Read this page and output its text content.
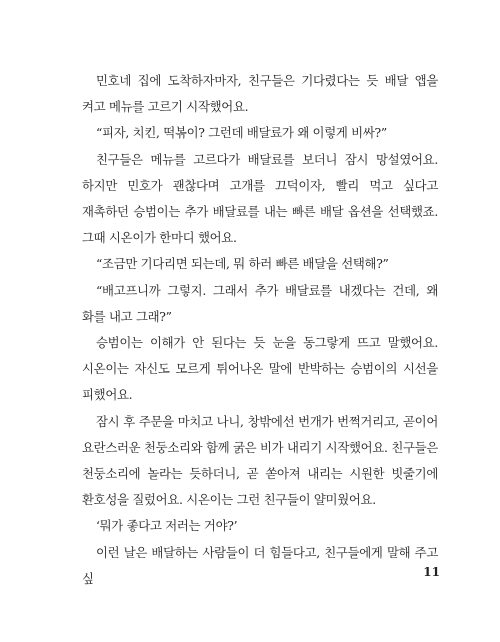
민호네 집에 도착하자마자, 친구들은 기다렸다는 듯 배달 앱을 켜고 메뉴를 고르기 시작했어요.

“피자, 치킨, 떡볶이? 그런데 배달료가 왜 이렇게 비싸?”

친구들은 메뉴를 고르다가 배달료를 보더니 잠시 망설였어요. 하지만 민호가 괜찮다며 고개를 끄덕이자, 빨리 먹고 싶다고 재촉하던 승범이는 추가 배달료를 내는 빠른 배달 옵션을 선택했죠. 그때 시온이가 한마디 했어요.

“조금만 기다리면 되는데, 뭐 하러 빠른 배달을 선택해?”

“배고프니까 그렇지. 그래서 추가 배달료를 내겠다는 건데, 왜 화를 내고 그래?”

승범이는 이해가 안 된다는 듯 눈을 동그랗게 뜨고 말했어요. 시온이는 자신도 모르게 튀어나온 말에 반박하는 승범이의 시선을 피했어요.

잠시 후 주문을 마치고 나니, 창밖에선 번개가 번쩍거리고, 곧이어 요란스러운 천둥소리와 함께 굵은 비가 내리기 시작했어요. 친구들은 천둥소리에 놀라는 듯하더니, 곧 쏟아져 내리는 시원한 빗줄기에 환호성을 질렀어요. 시온이는 그런 친구들이 얄미웠어요.

‘뭐가 좋다고 저러는 거야?’

이런 날은 배달하는 사람들이 더 힘들다고, 친구들에게 말해 주고 싶	11
